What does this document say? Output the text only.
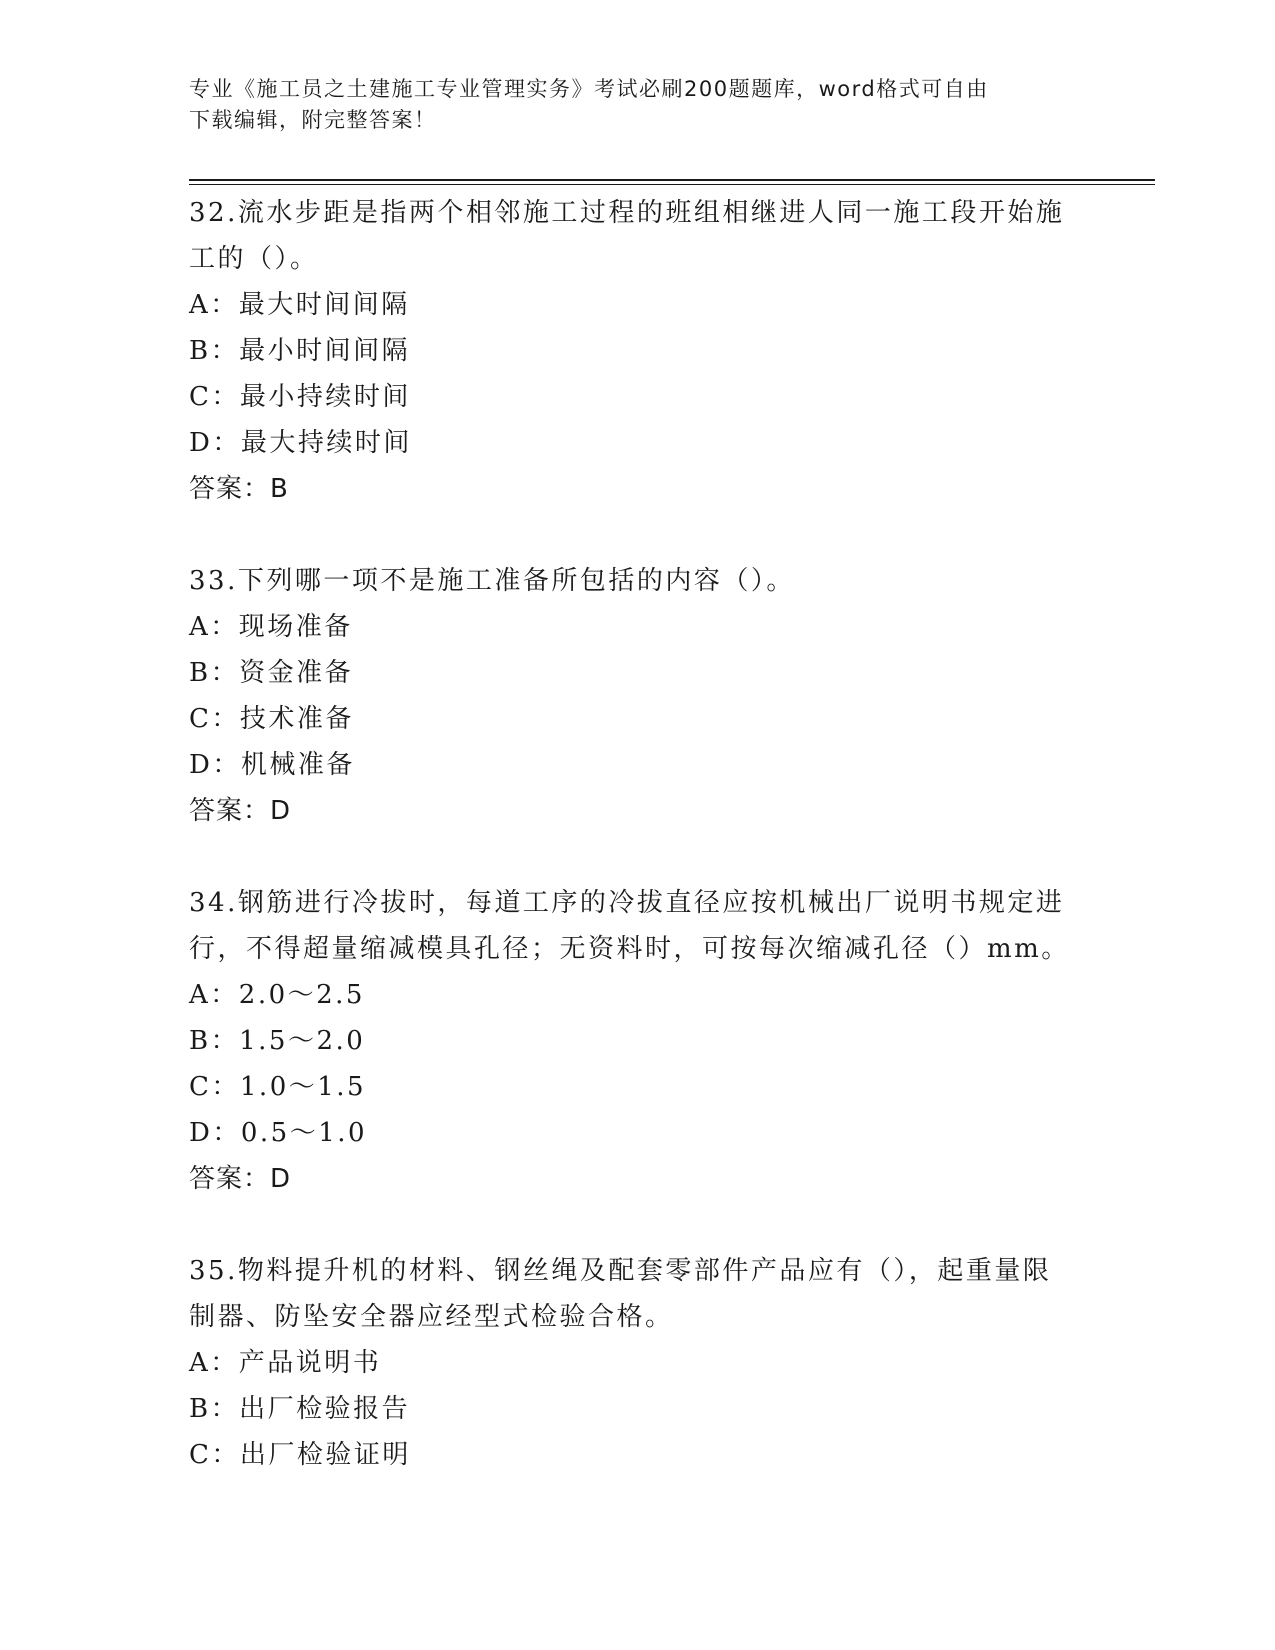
专业《施工员之土建施工专业管理实务》考试必刷200题题库，word格式可自由
下载编辑，附完整答案！
32.流水步距是指两个相邻施工过程的班组相继进人同一施工段开始施
工的（）。
A：最大时间间隔
B：最小时间间隔
C：最小持续时间
D：最大持续时间
答案：B
33.下列哪一项不是施工准备所包括的内容（）。
A：现场准备
B：资金准备
C：技术准备
D：机械准备
答案：D
34.钢筋进行冷拔时，每道工序的冷拔直径应按机械出厂说明书规定进
行，不得超量缩减模具孔径；无资料时，可按每次缩减孔径（）mm。
A：2.0～2.5
B：1.5～2.0
C：1.0～1.5
D：0.5～1.0
答案：D
35.物料提升机的材料、钢丝绳及配套零部件产品应有（），起重量限
制器、防坠安全器应经型式检验合格。
A：产品说明书
B：出厂检验报告
C：出厂检验证明
